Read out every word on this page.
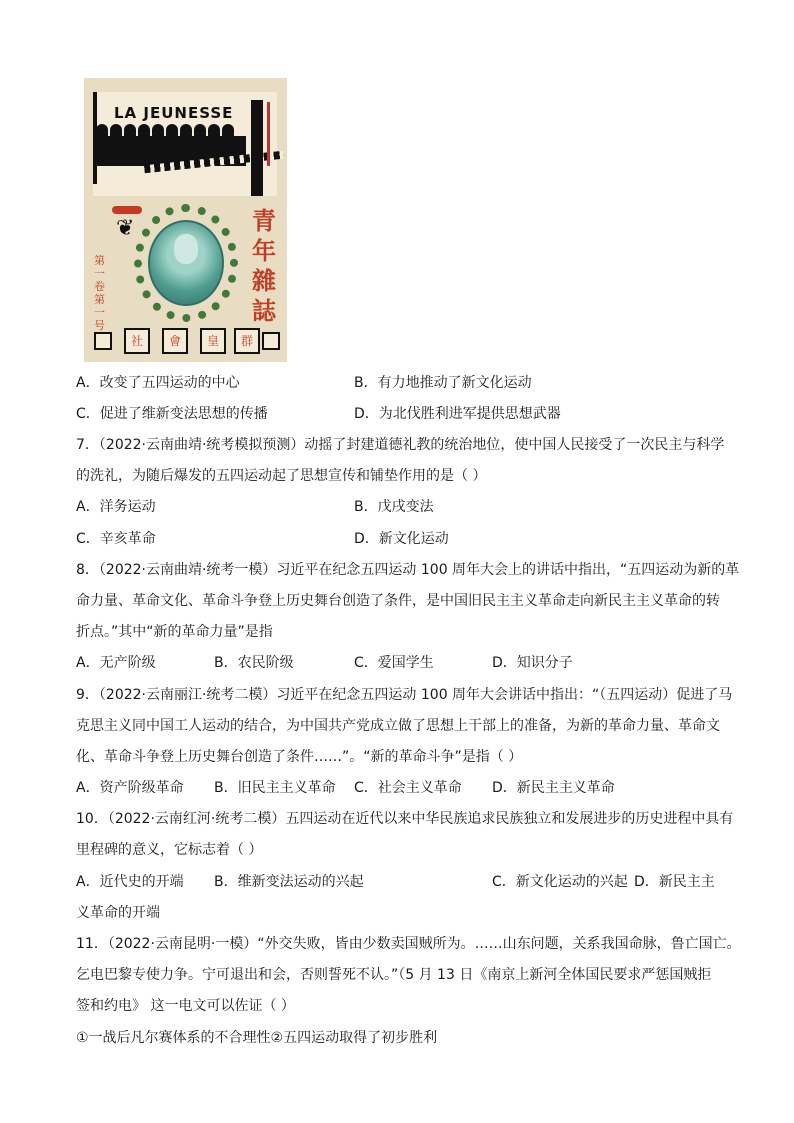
LA JEUNESSE
❦	青年雜誌
第一卷 第一号
社	會	皇	群
A．改变了五四运动的中心	B．有力地推动了新文化运动
C．促进了维新变法思想的传播	D．为北伐胜利进军提供思想武器
7．（2022·云南曲靖·统考模拟预测）动摇了封建道德礼教的统治地位，使中国人民接受了一次民主与科学
的洗礼，为随后爆发的五四运动起了思想宣传和铺垫作用的是（ ）
A．洋务运动	B．戊戌变法
C．辛亥革命	D．新文化运动
8．（2022·云南曲靖·统考一模）习近平在纪念五四运动 100 周年大会上的讲话中指出，“五四运动为新的革
命力量、革命文化、革命斗争登上历史舞台创造了条件，是中国旧民主主义革命走向新民主主义革命的转
折点。”其中“新的革命力量”是指
A．无产阶级	B．农民阶级	C．爱国学生	D．知识分子
9．（2022·云南丽江·统考二模）习近平在纪念五四运动 100 周年大会讲话中指出：“（五四运动）促进了马
克思主义同中国工人运动的结合，为中国共产党成立做了思想上干部上的准备，为新的革命力量、革命文
化、革命斗争登上历史舞台创造了条件……”。“新的革命斗争”是指（ ）
A．资产阶级革命 B．旧民主主义革命 C．社会主义革命 D．新民主主义革命
10．（2022·云南红河·统考二模）五四运动在近代以来中华民族追求民族独立和发展进步的历史进程中具有
里程碑的意义，它标志着（ ）
A．近代史的开端 B．维新变法运动的兴起	C．新文化运动的兴起 D．新民主主
义革命的开端
11．（2022·云南昆明·一模）“外交失败，皆由少数卖国贼所为。……山东问题，关系我国命脉，鲁亡国亡。
乞电巴黎专使力争。宁可退出和会，否则誓死不认。”（5 月 13 日《南京上新河全体国民要求严惩国贼拒
签和约电》 这一电文可以佐证（ ）
①一战后凡尔赛体系的不合理性②五四运动取得了初步胜利
